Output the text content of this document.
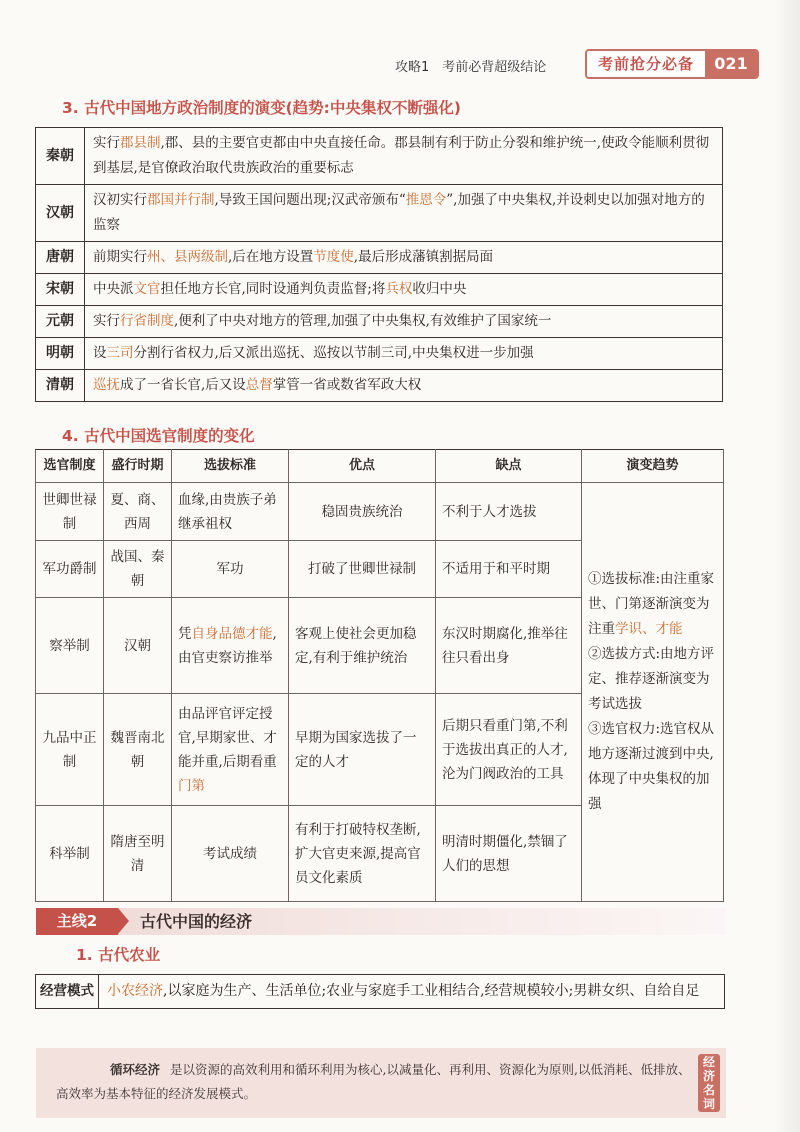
攻略1　考前必背超级结论	考前抢分必备	021
3. 古代中国地方政治制度的演变(趋势:中央集权不断强化)
秦朝	实行郡县制,郡、县的主要官吏都由中央直接任命。郡县制有利于防止分裂和维护统一,使政令能顺利贯彻到基层,是官僚政治取代贵族政治的重要标志
汉朝	汉初实行郡国并行制,导致王国问题出现;汉武帝颁布“推恩令”,加强了中央集权,并设刺史以加强对地方的监察
唐朝	前期实行州、县两级制,后在地方设置节度使,最后形成藩镇割据局面
宋朝	中央派文官担任地方长官,同时设通判负责监督;将兵权收归中央
元朝	实行行省制度,便利了中央对地方的管理,加强了中央集权,有效维护了国家统一
明朝	设三司分割行省权力,后又派出巡抚、巡按以节制三司,中央集权进一步加强
清朝	巡抚成了一省长官,后又设总督掌管一省或数省军政大权
4. 古代中国选官制度的变化
选官制度	盛行时期	选拔标准	优点	缺点	演变趋势
世卿世禄制	夏、商、西周	血缘,由贵族子弟继承祖权	稳固贵族统治	不利于人才选拔	①选拔标准:由注重家世、门第逐渐演变为注重学识、才能
②选拔方式:由地方评定、推荐逐渐演变为考试选拔
③选官权力:选官权从地方逐渐过渡到中央,体现了中央集权的加强

军功爵制	战国、秦朝	军功	打破了世卿世禄制	不适用于和平时期	
察举制	汉朝	凭自身品德才能,由官吏察访推举	客观上使社会更加稳定,有利于维护统治	东汉时期腐化,推举往往只看出身	
九品中正制	魏晋南北朝	由品评官评定授官,早期家世、才能并重,后期看重门第	早期为国家选拔了一定的人才	后期只看重门第,不利于选拔出真正的人才,沦为门阀政治的工具	
科举制	隋唐至明清	考试成绩	有利于打破特权垄断,扩大官吏来源,提高官员文化素质	明清时期僵化,禁锢了人们的思想	
主线2	古代中国的经济
1. 古代农业
经营模式	小农经济,以家庭为生产、生活单位;农业与家庭手工业相结合,经营规模较小;男耕女织、自给自足
循环经济 是以资源的高效利用和循环利用为核心,以减量化、再利用、资源化为原则,以低消耗、低排放、高效率为基本特征的经济发展模式。
经济名词
